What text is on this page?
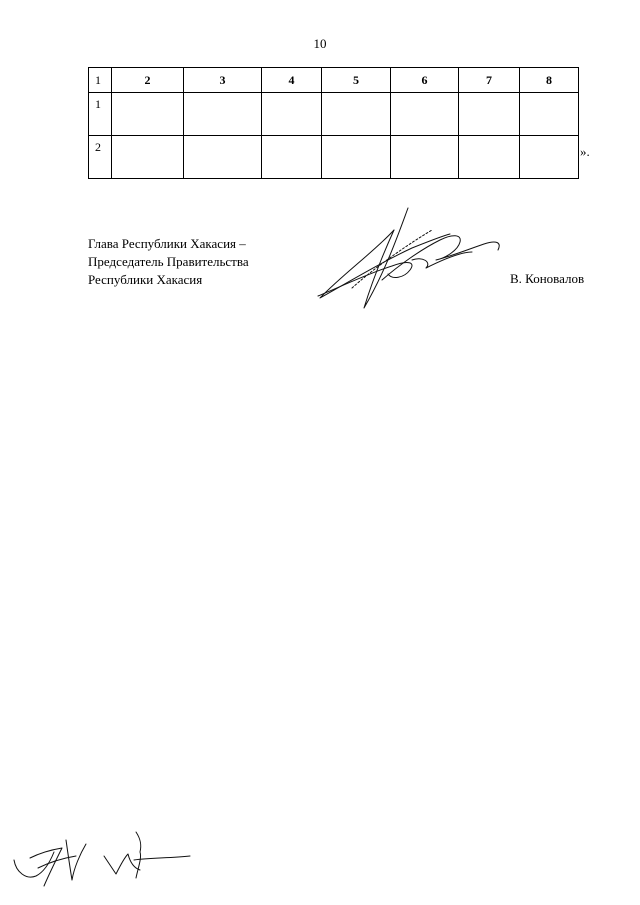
10
1	2	3	4	5	6	7	8
1							
2								».
Глава Республики Хакасия –
Председатель Правительства
Республики Хакасия	В. Коновалов
